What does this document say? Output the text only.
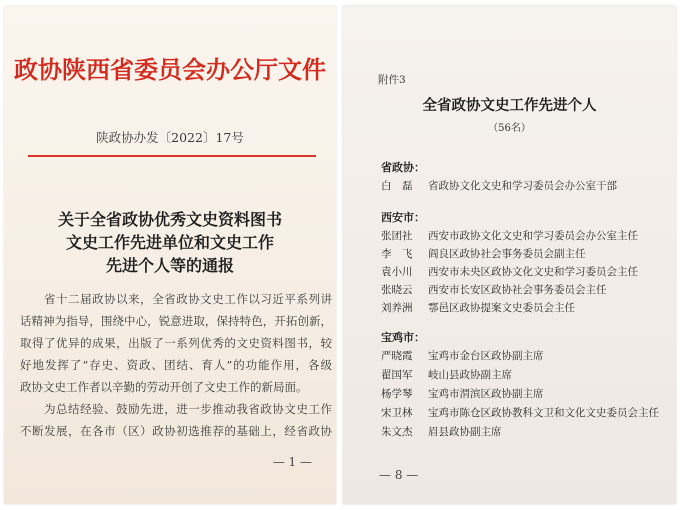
政协陕西省委员会办公厅文件
陕政协办发〔2022〕17号
关于全省政协优秀文史资料图书
文史工作先进单位和文史工作
先进个人等的通报
省十二届政协以来，全省政协文史工作以习近平系列讲
话精神为指导，围绕中心，锐意进取，保持特色，开拓创新，
取得了优异的成果，出版了一系列优秀的文史资料图书，较
好地发挥了“存史、资政、团结、育人”的功能作用，各级
政协文史工作者以辛勤的劳动开创了文史工作的新局面。
为总结经验、鼓励先进，进一步推动我省政协文史工作
不断发展，在各市（区）政协初选推荐的基础上，经省政协
— 1 —
附件3
全省政协文史工作先进个人
（56名）
省政协：
白　磊 省政协文化文史和学习委员会办公室干部
西安市：
张团社 西安市政协文化文史和学习委员会办公室主任
李　飞 阎良区政协社会事务委员会副主任
袁小川 西安市未央区政协文化文史和学习委员会主任
张晓云 西安市长安区政协社会事务委员会主任
刘养洲 鄠邑区政协提案文史委员会主任
宝鸡市：
严晓霞 宝鸡市金台区政协副主席
翟国军 岐山县政协副主席
杨学琴 宝鸡市渭滨区政协副主席
宋卫林 宝鸡市陈仓区政协教科文卫和文化文史委员会主任
朱文杰 眉县政协副主席
— 8 —
